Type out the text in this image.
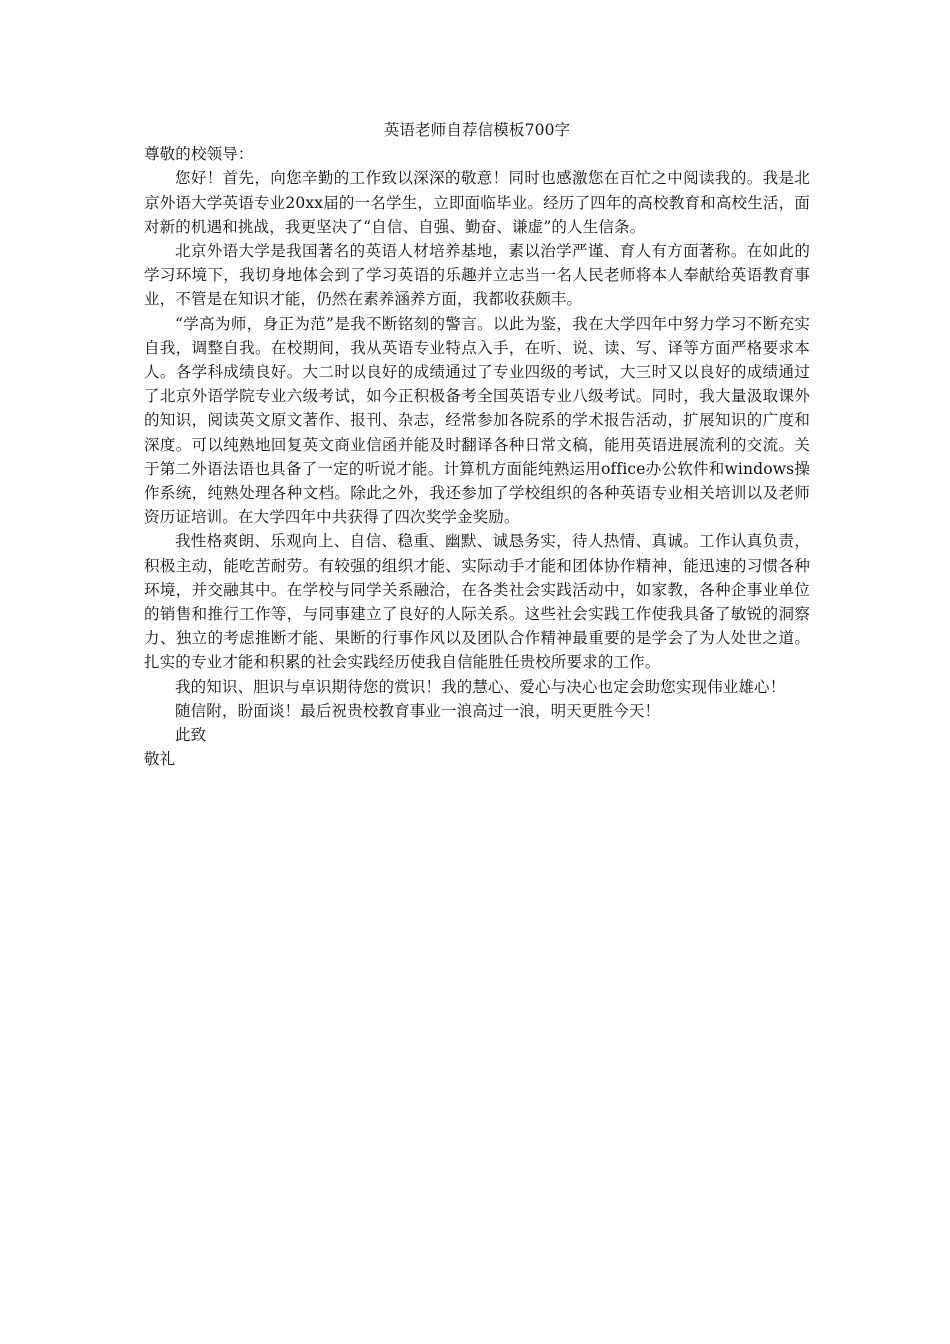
英语老师自荐信模板700字

尊敬的校领导：

您好！首先，向您辛勤的工作致以深深的敬意！同时也感激您在百忙之中阅读我的。我是北京外语大学英语专业20xx届的一名学生，立即面临毕业。经历了四年的高校教育和高校生活，面对新的机遇和挑战，我更坚决了“自信、自强、勤奋、谦虚”的人生信条。

北京外语大学是我国著名的英语人材培养基地，素以治学严谨、育人有方面著称。在如此的学习环境下，我切身地体会到了学习英语的乐趣并立志当一名人民老师将本人奉献给英语教育事业，不管是在知识才能，仍然在素养涵养方面，我都收获颇丰。

“学高为师，身正为范”是我不断铭刻的警言。以此为鉴，我在大学四年中努力学习不断充实自我，调整自我。在校期间，我从英语专业特点入手，在听、说、读、写、译等方面严格要求本人。各学科成绩良好。大二时以良好的成绩通过了专业四级的考试，大三时又以良好的成绩通过了北京外语学院专业六级考试，如今正积极备考全国英语专业八级考试。同时，我大量汲取课外的知识，阅读英文原文著作、报刊、杂志，经常参加各院系的学术报告活动，扩展知识的广度和深度。可以纯熟地回复英文商业信函并能及时翻译各种日常文稿，能用英语进展流利的交流。关于第二外语法语也具备了一定的听说才能。计算机方面能纯熟运用office办公软件和windows操作系统，纯熟处理各种文档。除此之外，我还参加了学校组织的各种英语专业相关培训以及老师资历证培训。在大学四年中共获得了四次奖学金奖励。

我性格爽朗、乐观向上、自信、稳重、幽默、诚恳务实，待人热情、真诚。工作认真负责，积极主动，能吃苦耐劳。有较强的组织才能、实际动手才能和团体协作精神，能迅速的习惯各种环境，并交融其中。在学校与同学关系融洽，在各类社会实践活动中，如家教，各种企事业单位的销售和推行工作等，与同事建立了良好的人际关系。这些社会实践工作使我具备了敏锐的洞察力、独立的考虑推断才能、果断的行事作风以及团队合作精神最重要的是学会了为人处世之道。扎实的专业才能和积累的社会实践经历使我自信能胜任贵校所要求的工作。

我的知识、胆识与卓识期待您的赏识！我的慧心、爱心与决心也定会助您实现伟业雄心！

随信附，盼面谈！最后祝贵校教育事业一浪高过一浪，明天更胜今天！

此致

敬礼
